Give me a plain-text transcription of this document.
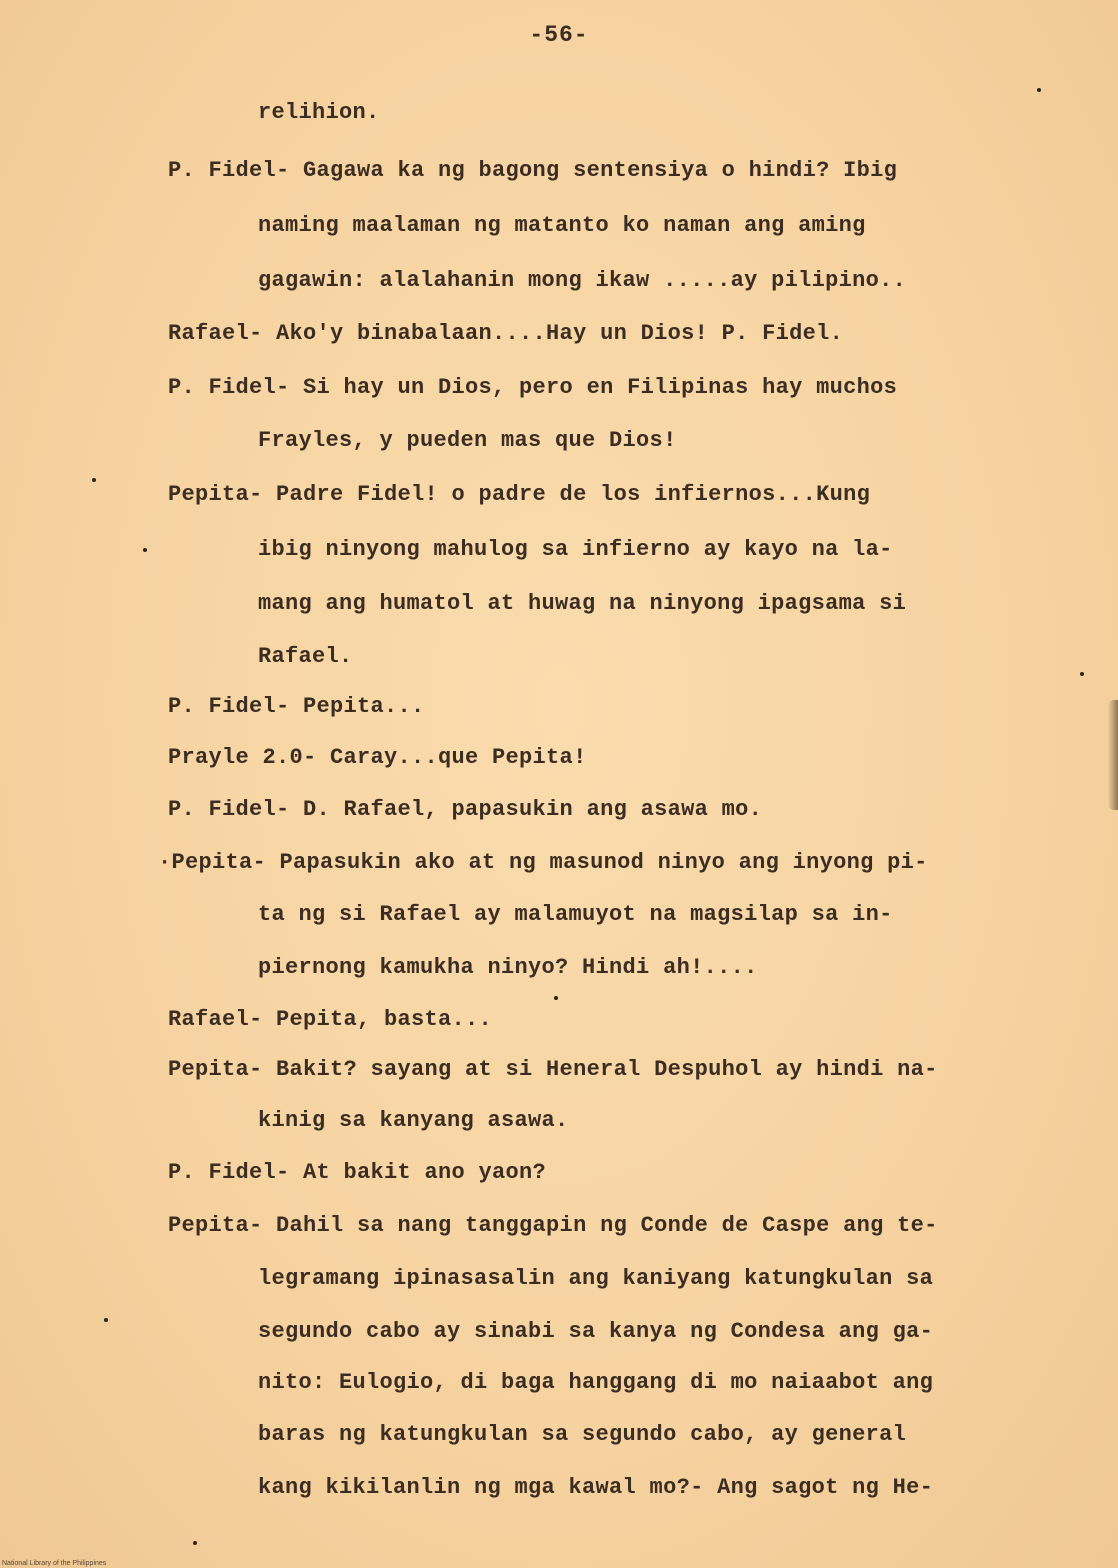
-56-
relihion.
P. Fidel- Gagawa ka ng bagong sentensiya o hindi? Ibig
naming maalaman ng matanto ko naman ang aming
gagawin: alalahanin mong ikaw .....ay pilipino..
Rafael- Ako'y binabalaan....Hay un Dios! P. Fidel.
P. Fidel- Si hay un Dios, pero en Filipinas hay muchos
Frayles, y pueden mas que Dios!
Pepita- Padre Fidel! o padre de los infiernos...Kung
ibig ninyong mahulog sa infierno ay kayo na la-
mang ang humatol at huwag na ninyong ipagsama si
Rafael.
P. Fidel- Pepita...
Prayle 2.0- Caray...que Pepita!
P. Fidel- D. Rafael, papasukin ang asawa mo.
·Pepita- Papasukin ako at ng masunod ninyo ang inyong pi-
ta ng si Rafael ay malamuyot na magsilap sa in-
piernong kamukha ninyo? Hindi ah!....
Rafael- Pepita, basta...
Pepita- Bakit? sayang at si Heneral Despuhol ay hindi na-
kinig sa kanyang asawa.
P. Fidel- At bakit ano yaon?
Pepita- Dahil sa nang tanggapin ng Conde de Caspe ang te-
legramang ipinasasalin ang kaniyang katungkulan sa
segundo cabo ay sinabi sa kanya ng Condesa ang ga-
nito: Eulogio, di baga hanggang di mo naiaabot ang
baras ng katungkulan sa segundo cabo, ay general
kang kikilanlin ng mga kawal mo?- Ang sagot ng He-
National Library of the Philippines
